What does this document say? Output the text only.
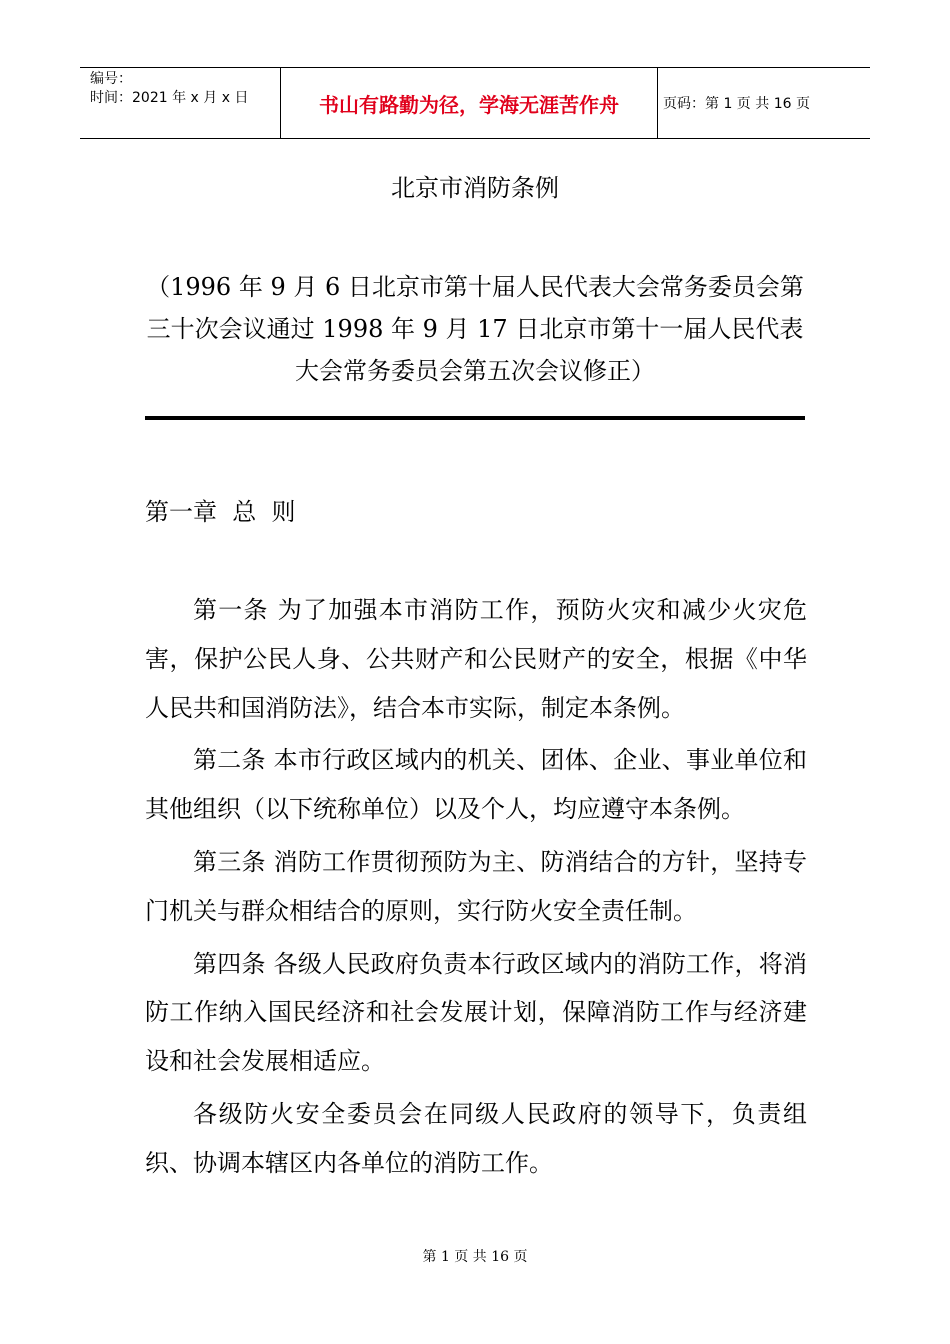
编号：
时间：2021 年 x 月 x 日	书山有路勤为径，学海无涯苦作舟	页码：第 1 页 共 16 页
北京市消防条例
（1996 年 9 月 6 日北京市第十届人民代表大会常务委员会第三十次会议通过 1998 年 9 月 17 日北京市第十一届人民代表大会常务委员会第五次会议修正）
第一章  总  则

第一条 为了加强本市消防工作，预防火灾和减少火灾危害，保护公民人身、公共财产和公民财产的安全，根据《中华人民共和国消防法》，结合本市实际，制定本条例。

第二条 本市行政区域内的机关、团体、企业、事业单位和其他组织（以下统称单位）以及个人，均应遵守本条例。

第三条 消防工作贯彻预防为主、防消结合的方针，坚持专门机关与群众相结合的原则，实行防火安全责任制。

第四条 各级人民政府负责本行政区域内的消防工作，将消防工作纳入国民经济和社会发展计划，保障消防工作与经济建设和社会发展相适应。

各级防火安全委员会在同级人民政府的领导下，负责组织、协调本辖区内各单位的消防工作。

第 1 页 共 16 页
